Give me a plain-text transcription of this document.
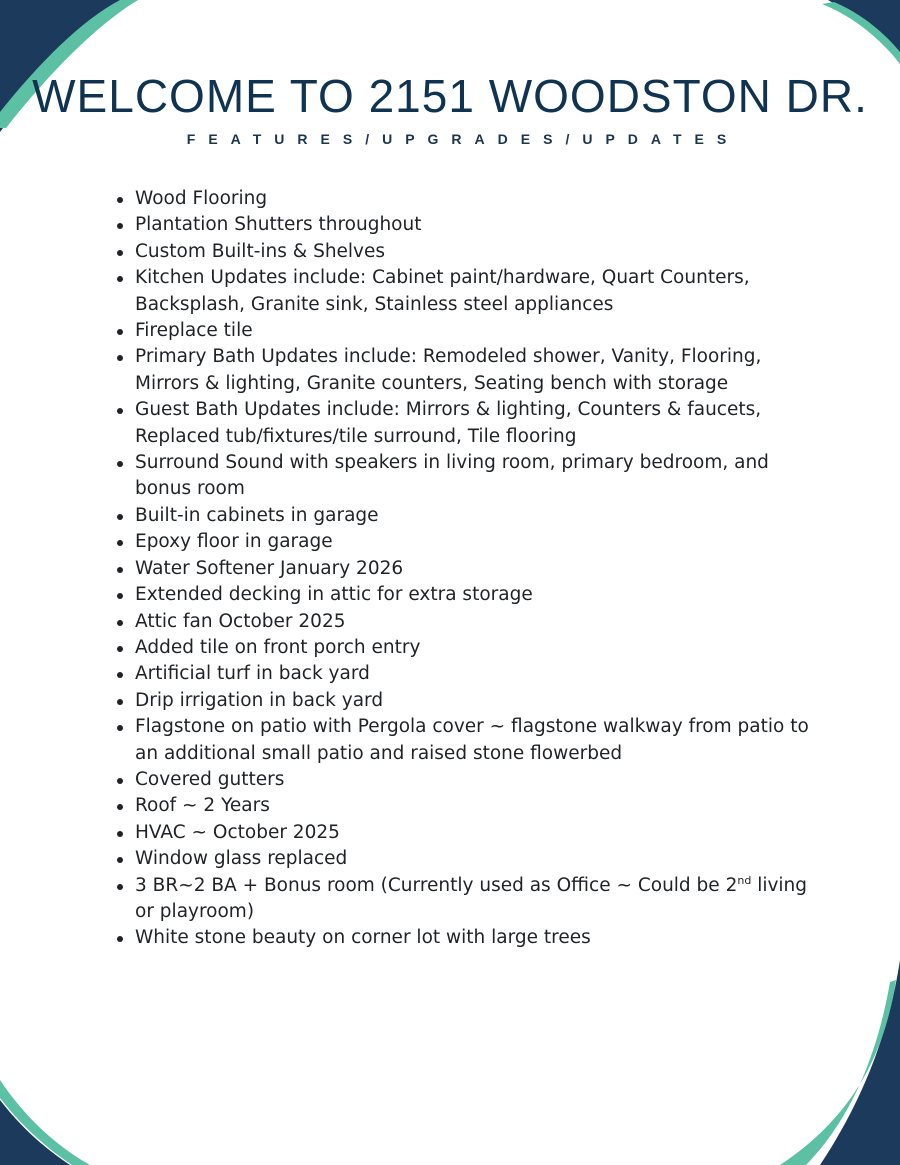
WELCOME TO 2151 WOODSTON DR.
FEATURES/UPGRADES/UPDATES
Wood Flooring
Plantation Shutters throughout
Custom Built-ins & Shelves
Kitchen Updates include: Cabinet paint/hardware, Quart Counters, Backsplash, Granite sink, Stainless steel appliances
Fireplace tile
Primary Bath Updates include: Remodeled shower, Vanity, Flooring, Mirrors & lighting, Granite counters, Seating bench with storage
Guest Bath Updates include: Mirrors & lighting, Counters & faucets, Replaced tub/fixtures/tile surround, Tile flooring
Surround Sound with speakers in living room, primary bedroom, and bonus room
Built-in cabinets in garage
Epoxy floor in garage
Water Softener January 2026
Extended decking in attic for extra storage
Attic fan October 2025
Added tile on front porch entry
Artificial turf in back yard
Drip irrigation in back yard
Flagstone on patio with Pergola cover ~ flagstone walkway from patio to an additional small patio and raised stone flowerbed
Covered gutters
Roof ~ 2 Years
HVAC ~ October 2025
Window glass replaced
3 BR~2 BA + Bonus room (Currently used as Office ~ Could be 2nd living or playroom)
White stone beauty on corner lot with large trees
